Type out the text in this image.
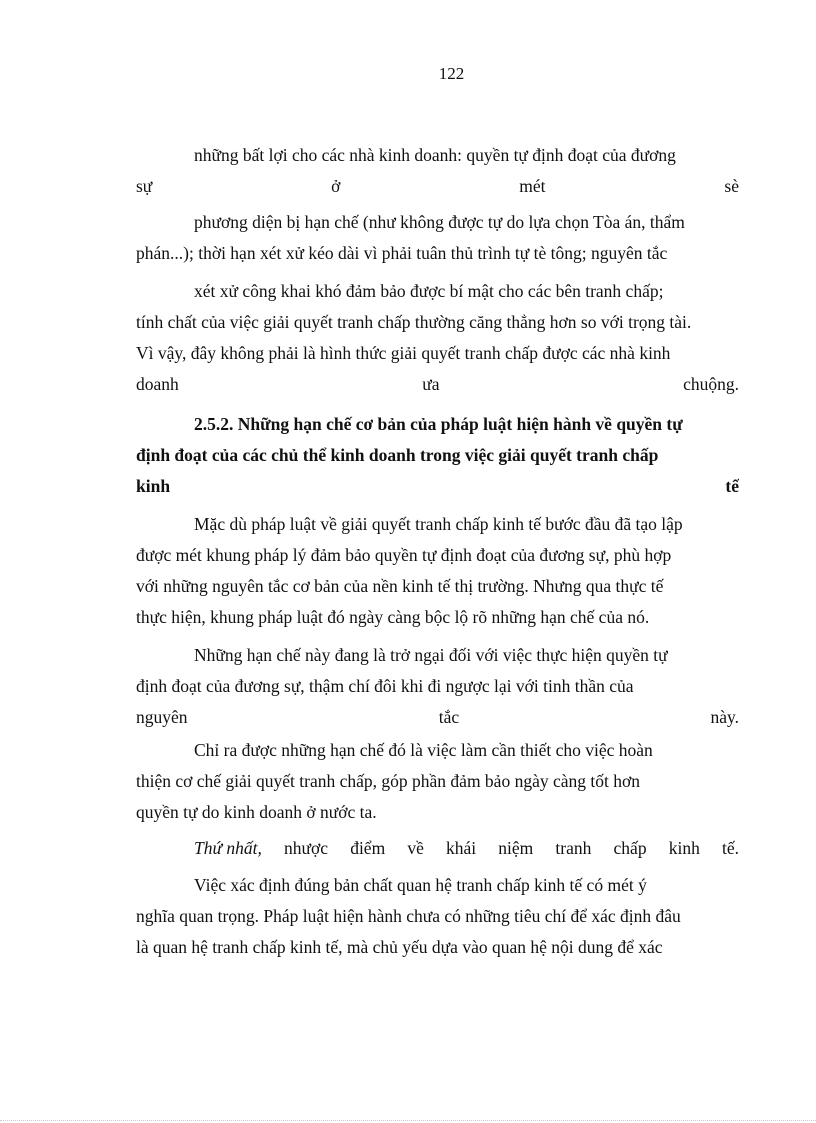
122
những bất lợi cho các nhà kinh doanh: quyền tự định đoạt của đương
sự	ở	mét	sè
phương diện bị hạn chế (như không được tự do lựa chọn Tòa án, thẩm
phán...); thời hạn xét xử kéo dài vì phải tuân thủ trình tự tè tông; nguyên tắc
xét xử công khai khó đảm bảo được bí mật cho các bên tranh chấp;
tính chất của việc giải quyết tranh chấp thường căng thẳng hơn so với trọng tài.
Vì vậy, đây không phải là hình thức giải quyết tranh chấp được các nhà kinh
doanh	ưa	chuộng.
2.5.2. Những hạn chế cơ bản của pháp luật hiện hành về quyền tự
định đoạt của các chủ thể kinh doanh trong việc giải quyết tranh chấp
kinh	tế
Mặc dù pháp luật về giải quyết tranh chấp kinh tế bước đầu đã tạo lập
được mét khung pháp lý đảm bảo quyền tự định đoạt của đương sự, phù hợp
với những nguyên tắc cơ bản của nền kinh tế thị trường. Nhưng qua thực tế
thực hiện, khung pháp luật đó ngày càng bộc lộ rõ những hạn chế của nó.
Những hạn chế này đang là trở ngại đối với việc thực hiện quyền tự
định đoạt của đương sự, thậm chí đôi khi đi ngược lại với tinh thần của
nguyên	tắc	này.
Chỉ ra được những hạn chế đó là việc làm cần thiết cho việc hoàn
thiện cơ chế giải quyết tranh chấp, góp phần đảm bảo ngày càng tốt hơn
quyền tự do kinh doanh ở nước ta.
Thứ nhất, nhược điểm về khái niệm tranh chấp kinh tế.
Việc xác định đúng bản chất quan hệ tranh chấp kinh tế có mét ý
nghĩa quan trọng. Pháp luật hiện hành chưa có những tiêu chí để xác định đâu
là quan hệ tranh chấp kinh tế, mà chủ yếu dựa vào quan hệ nội dung để xác
